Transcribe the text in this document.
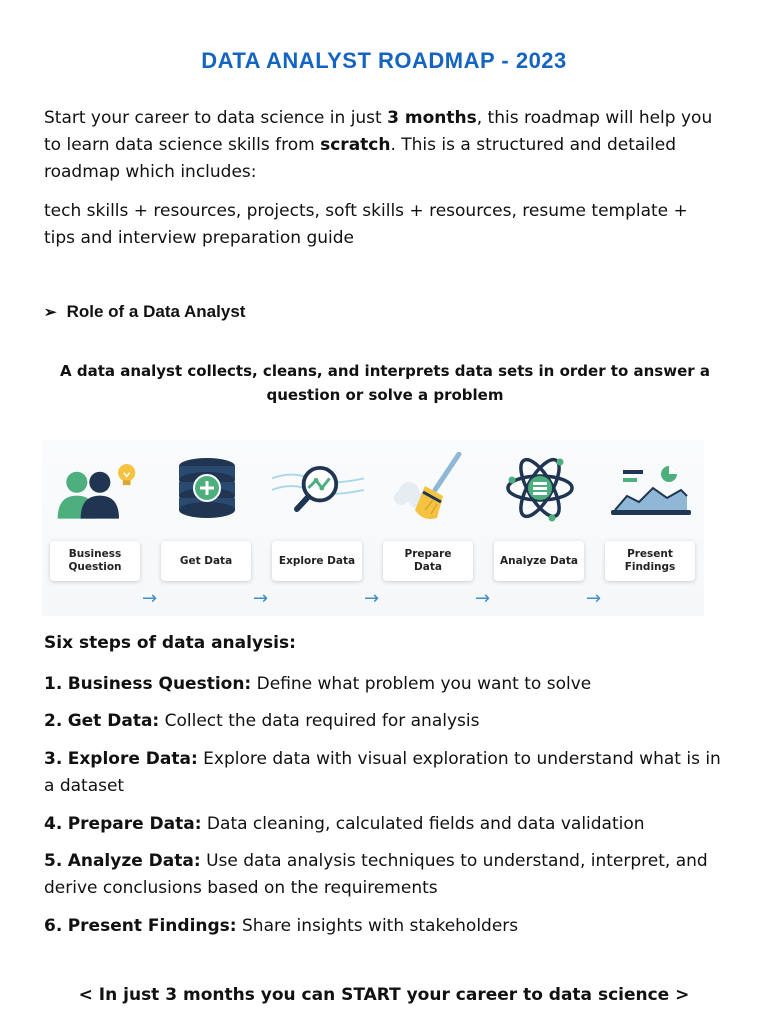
DATA ANALYST ROADMAP - 2023
Start your career to data science in just 3 months, this roadmap will help you to learn data science skills from scratch. This is a structured and detailed roadmap which includes:
tech skills + resources, projects, soft skills + resources, resume template + tips and interview preparation guide
➢ Role of a Data Analyst
A data analyst collects, cleans, and interprets data sets in order to answer a question or solve a problem
Business Question
Get Data	Explore Data
Prepare Data
Analyze Data
Present Findings
→	→	→	→	→
Six steps of data analysis:
1. Business Question: Define what problem you want to solve
2. Get Data: Collect the data required for analysis
3. Explore Data: Explore data with visual exploration to understand what is in a dataset
4. Prepare Data: Data cleaning, calculated fields and data validation
5. Analyze Data: Use data analysis techniques to understand, interpret, and derive conclusions based on the requirements
6. Present Findings: Share insights with stakeholders
< In just 3 months you can START your career to data science >
